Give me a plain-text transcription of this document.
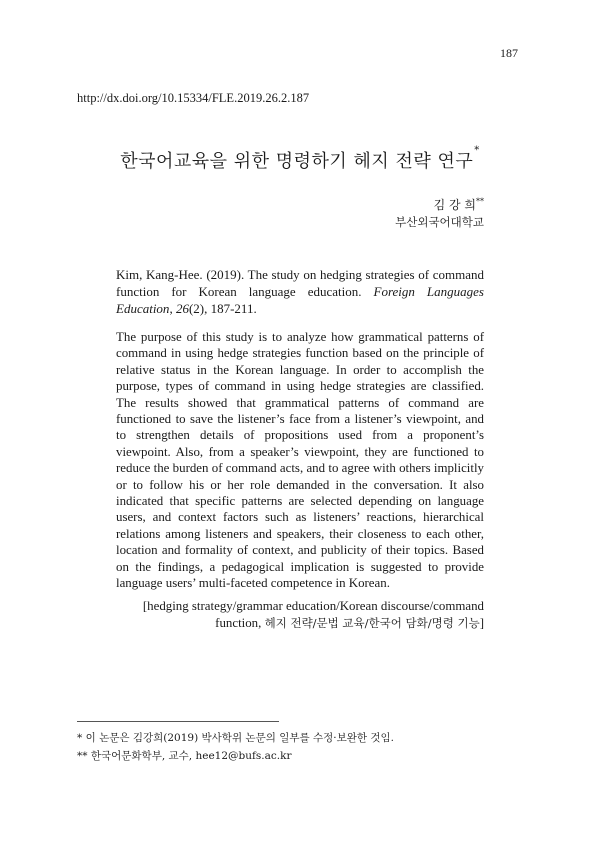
187
http://dx.doi.org/10.15334/FLE.2019.26.2.187
한국어교육을 위한 명령하기 헤지 전략 연구*
김 강 희**
부산외국어대학교
Kim, Kang-Hee. (2019). The study on hedging strategies of command function for Korean language education. Foreign Languages Education, 26(2), 187-211.
The purpose of this study is to analyze how grammatical patterns of command in using hedge strategies function based on the principle of relative status in the Korean language. In order to accomplish the purpose, types of command in using hedge strategies are classified. The results showed that grammatical patterns of command are functioned to save the listener’s face from a listener’s viewpoint, and to strengthen details of propositions used from a proponent’s viewpoint. Also, from a speaker’s viewpoint, they are functioned to reduce the burden of command acts, and to agree with others implicitly or to follow his or her role demanded in the conversation. It also indicated that specific patterns are selected depending on language users, and context factors such as listeners’ reactions, hierarchical relations among listeners and speakers, their closeness to each other, location and formality of context, and publicity of their topics. Based on the findings, a pedagogical implication is suggested to provide language users’ multi-faceted competence in Korean.
[hedging strategy/grammar education/Korean discourse/command function, 헤지 전략/문법 교육/한국어 담화/명령 기능]
* 이 논문은 김강희(2019) 박사학위 논문의 일부를 수정·보완한 것임.
** 한국어문화학부, 교수, hee12@bufs.ac.kr
